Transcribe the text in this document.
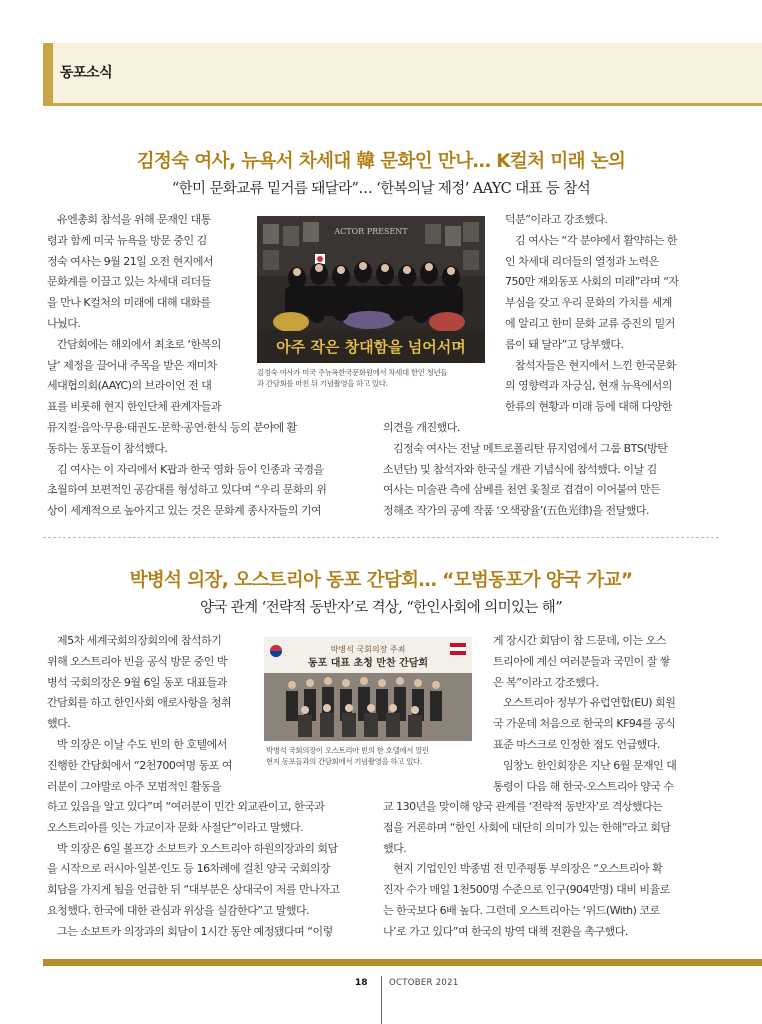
동포소식
김정숙 여사, 뉴욕서 차세대 韓 문화인 만나… K컬처 미래 논의
“한미 문화교류 밑거름 돼달라”… ‘한복의날 제정’ AAYC 대표 등 참석
유엔총회 참석을 위해 문재인 대통
령과 함께 미국 뉴욕을 방문 중인 김
정숙 여사는 9월 21일 오전 현지에서
문화계를 이끌고 있는 차세대 리더들
을 만나 K컬처의 미래에 대해 대화를
나눴다.
간담회에는 해외에서 최초로 ‘한복의
날’ 제정을 끌어내 주목을 받은 재미차
세대협의회(AAYC)의 브라이언 전 대
표를 비롯해 현지 한인단체 관계자들과
ACTOR PRESENT
아주 작은 창대함을 넘어서며
김정숙 여사가 미국 주뉴욕한국문화원에서 차세대 한인 청년들
과 간담회를 마친 뒤 기념촬영을 하고 있다.
덕분”이라고 강조했다.
김 여사는 “각 분야에서 활약하는 한
인 차세대 리더들의 열정과 노력은
750만 재외동포 사회의 미래”라며 “자
부심을 갖고 우리 문화의 가치를 세계
에 알리고 한미 문화 교류 증진의 밑거
름이 돼 달라”고 당부했다.
참석자들은 현지에서 느낀 한국문화
의 영향력과 자긍심, 현재 뉴욕에서의
한류의 현황과 미래 등에 대해 다양한
뮤지컬·음악·무용·태권도·문학·공연·한식 등의 분야에 활
동하는 동포들이 참석했다.
김 여사는 이 자리에서 K팝과 한국 영화 등이 인종과 국경을
초월하여 보편적인 공감대를 형성하고 있다며 “우리 문화의 위
상이 세계적으로 높아지고 있는 것은 문화계 종사자들의 기여
의견을 개진했다.
김정숙 여사는 전날 메트로폴리탄 뮤지엄에서 그룹 BTS(방탄
소년단) 및 참석자와 한국실 개관 기념식에 참석했다. 이날 김
여사는 미술관 측에 삼베를 천연 옻칠로 겹겹이 이어붙여 만든
정해조 작가의 공예 작품 ‘오색광율’(五色光律)을 전달했다.
박병석 의장, 오스트리아 동포 간담회… “모범동포가 양국 가교”
양국 관계 ‘전략적 동반자’로 격상, “한인사회에 의미있는 해”
제5차 세계국회의장회의에 참석하기
위해 오스트리아 빈을 공식 방문 중인 박
병석 국회의장은 9월 6일 동포 대표들과
간담회를 하고 한인사회 애로사항을 청취
했다.
박 의장은 이날 수도 빈의 한 호텔에서
진행한 간담회에서 “2천700여명 동포 여
러분이 그야말로 아주 모범적인 활동을
박병석 국회의장 주최
동포 대표 초청 만찬 간담회
박병석 국회의장이 오스트리아 빈의 한 호텔에서 열린
현지 동포들과의 간담회에서 기념촬영을 하고 있다.
게 장시간 회담이 참 드문데, 이는 오스
트리아에 계신 여러분들과 국민이 잘 쌓
은 복”이라고 강조했다.
오스트리아 정부가 유럽연합(EU) 회원
국 가운데 처음으로 한국의 KF94를 공식
표준 마스크로 인정한 점도 언급했다.
임창노 한인회장은 지난 6월 문재인 대
통령이 다음 해 한국-오스트리아 양국 수
하고 있음을 알고 있다”며 “여러분이 민간 외교관이고, 한국과
오스트리아를 잇는 가교이자 문화 사절단”이라고 말했다.
박 의장은 6일 볼프강 소보트카 오스트리아 하원의장과의 회담
을 시작으로 러시아·일본·인도 등 16차례에 걸친 양국 국회의장
회담을 가지게 됨을 언급한 뒤 “대부분은 상대국이 저를 만나자고
요청했다. 한국에 대한 관심과 위상을 실감한다”고 말했다.
그는 소보트카 의장과의 회담이 1시간 동안 예정됐다며 “이렇
교 130년을 맞이해 양국 관계를 ‘전략적 동반자’로 격상했다는
점을 거론하며 “한인 사회에 대단히 의미가 있는 한해”라고 회담
했다.
현지 기업인인 박종범 전 민주평통 부의장은 “오스트리아 확
진자 수가 매일 1천500명 수준으로 인구(904만명) 대비 비율로
는 한국보다 6배 높다. 그런데 오스트리아는 ‘위드(With) 코로
나’로 가고 있다”며 한국의 방역 대책 전환을 촉구했다.
18	OCTOBER 2021
